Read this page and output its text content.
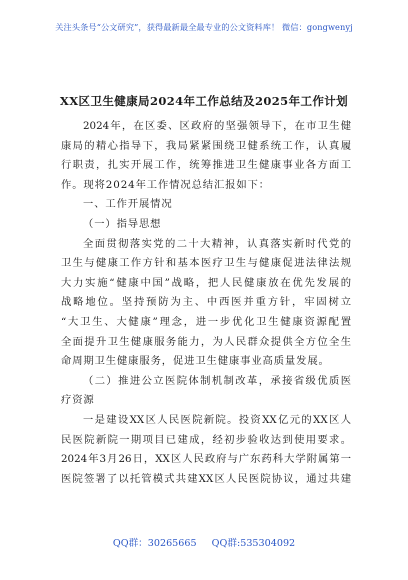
关注头条号“公文研究”，获得最新最全最专业的公文资料库！ 微信：gongwenyj
XX区卫生健康局2024年工作总结及2025年工作计划
2024年，在区委、区政府的坚强领导下，在市卫生健
康局的精心指导下，我局紧紧围绕卫健系统工作，认真履
行职责，扎实开展工作，统筹推进卫生健康事业各方面工
作。现将2024年工作情况总结汇报如下：
一、工作开展情况
（一）指导思想
全面贯彻落实党的二十大精神，认真落实新时代党的
卫生与健康工作方针和基本医疗卫生与健康促进法律法规
大力实施“健康中国”战略，把人民健康放在优先发展的
战略地位。坚持预防为主、中西医并重方针，牢固树立
“大卫生、大健康”理念，进一步优化卫生健康资源配置
全面提升卫生健康服务能力，为人民群众提供全方位全生
命周期卫生健康服务，促进卫生健康事业高质量发展。
（二）推进公立医院体制机制改革，承接省级优质医
疗资源
一是建设XX区人民医院新院。投资XX亿元的XX区人
民医院新院一期项目已建成，经初步验收达到使用要求。
2024年3月26日，XX区人民政府与广东药科大学附属第一
医院签署了以托管模式共建XX区人民医院协议，通过共建
QQ群：30265665 QQ群:535304092
